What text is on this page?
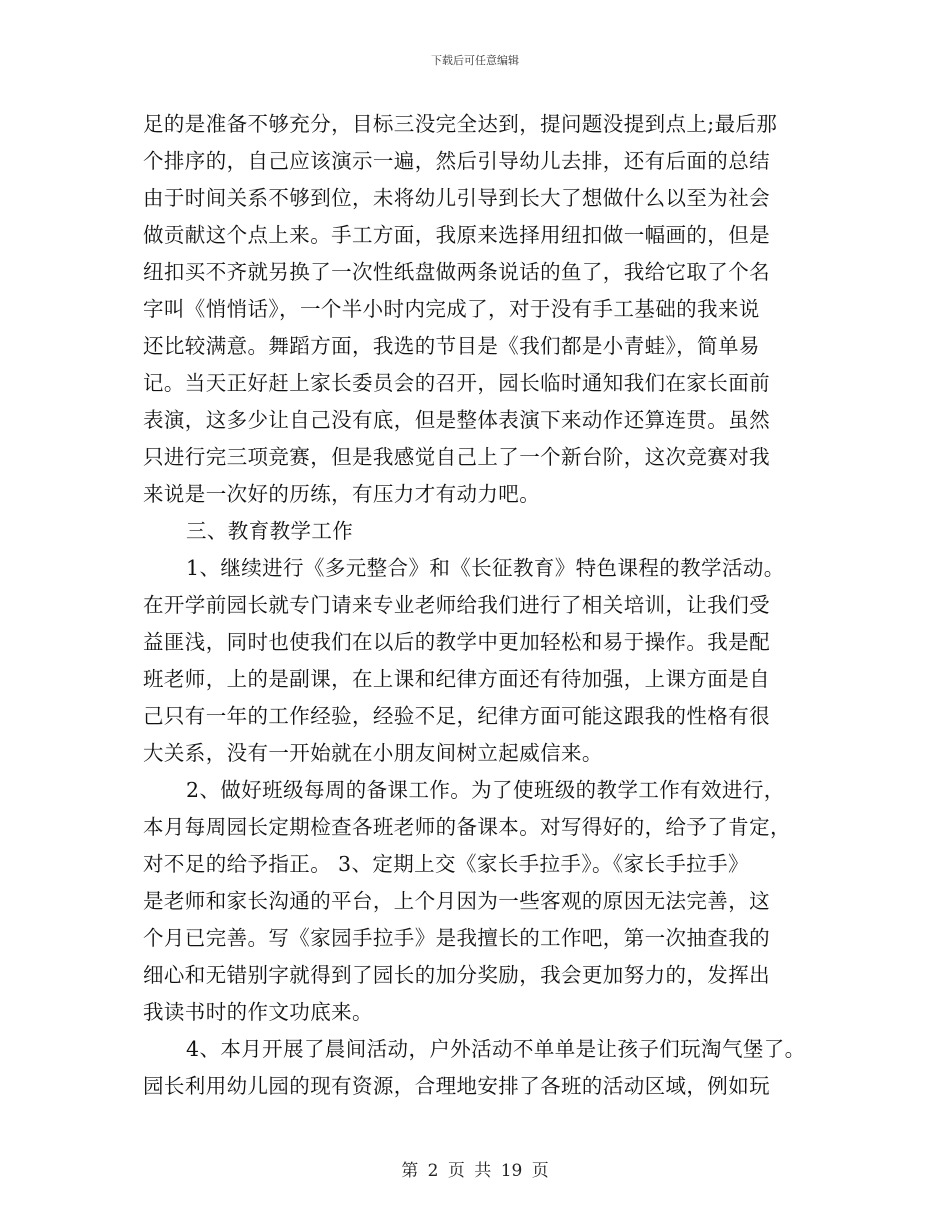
下载后可任意编辑
足的是准备不够充分，目标三没完全达到，提问题没提到点上;最后那
个排序的，自己应该演示一遍，然后引导幼儿去排，还有后面的总结
由于时间关系不够到位，未将幼儿引导到长大了想做什么以至为社会
做贡献这个点上来。手工方面，我原来选择用纽扣做一幅画的，但是
纽扣买不齐就另换了一次性纸盘做两条说话的鱼了，我给它取了个名
字叫《悄悄话》，一个半小时内完成了，对于没有手工基础的我来说
还比较满意。舞蹈方面，我选的节目是《我们都是小青蛙》，简单易
记。当天正好赶上家长委员会的召开，园长临时通知我们在家长面前
表演，这多少让自己没有底，但是整体表演下来动作还算连贯。虽然
只进行完三项竞赛，但是我感觉自己上了一个新台阶，这次竞赛对我
来说是一次好的历练，有压力才有动力吧。
三、教育教学工作
1、继续进行《多元整合》和《长征教育》特色课程的教学活动。
在开学前园长就专门请来专业老师给我们进行了相关培训，让我们受
益匪浅，同时也使我们在以后的教学中更加轻松和易于操作。我是配
班老师，上的是副课，在上课和纪律方面还有待加强，上课方面是自
己只有一年的工作经验，经验不足，纪律方面可能这跟我的性格有很
大关系，没有一开始就在小朋友间树立起威信来。
2、做好班级每周的备课工作。为了使班级的教学工作有效进行，
本月每周园长定期检查各班老师的备课本。对写得好的，给予了肯定，
对不足的给予指正。 3、定期上交《家长手拉手》。《家长手拉手》
是老师和家长沟通的平台，上个月因为一些客观的原因无法完善，这
个月已完善。写《家园手拉手》是我擅长的工作吧，第一次抽查我的
细心和无错别字就得到了园长的加分奖励，我会更加努力的，发挥出
我读书时的作文功底来。
4、本月开展了晨间活动，户外活动不单单是让孩子们玩淘气堡了。
园长利用幼儿园的现有资源，合理地安排了各班的活动区域，例如玩
第 2 页 共 19 页
